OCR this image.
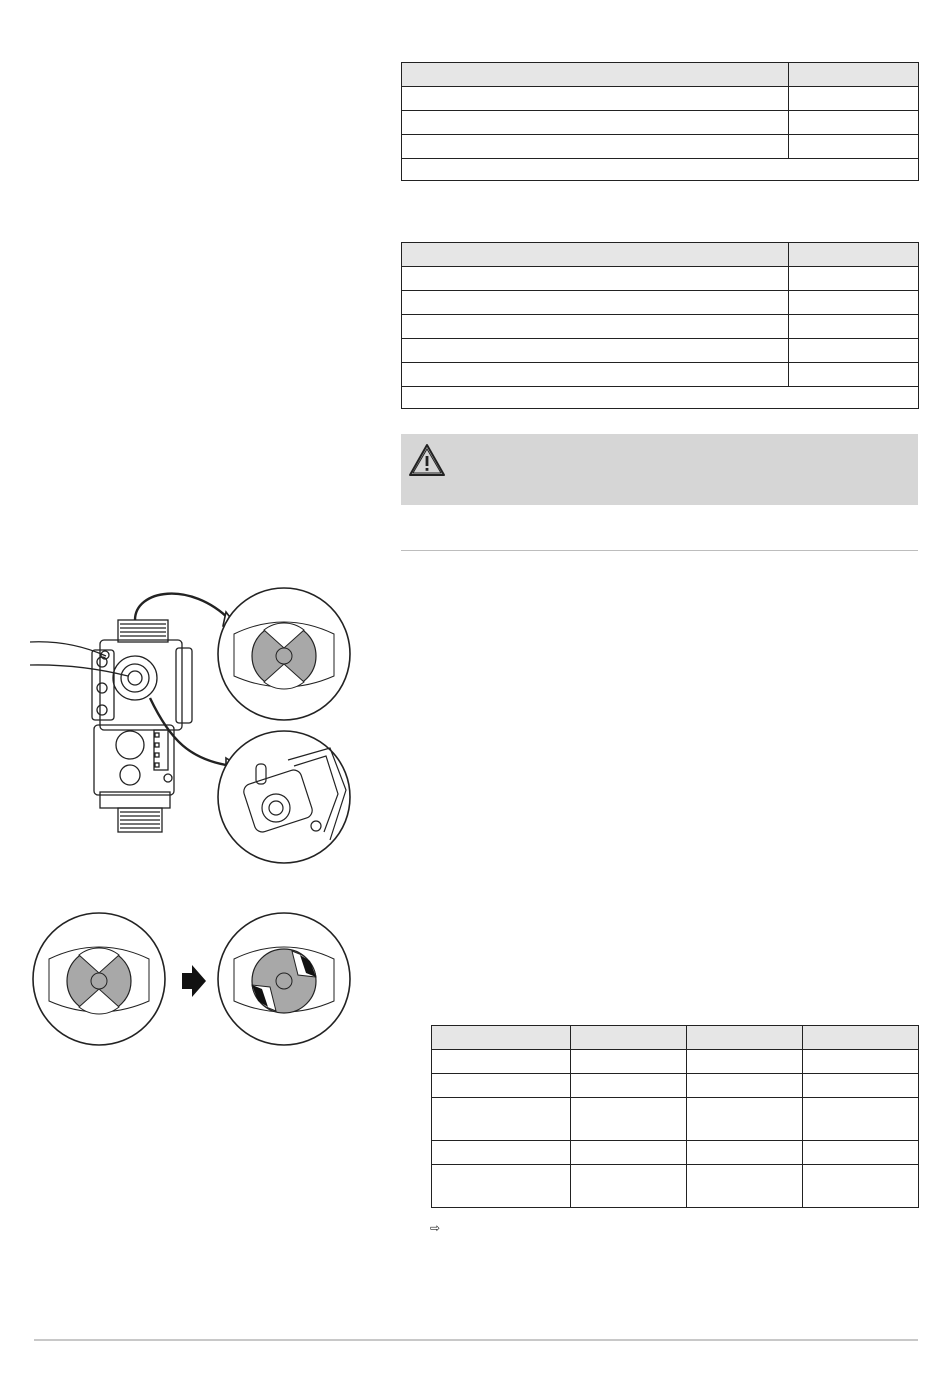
⇨
